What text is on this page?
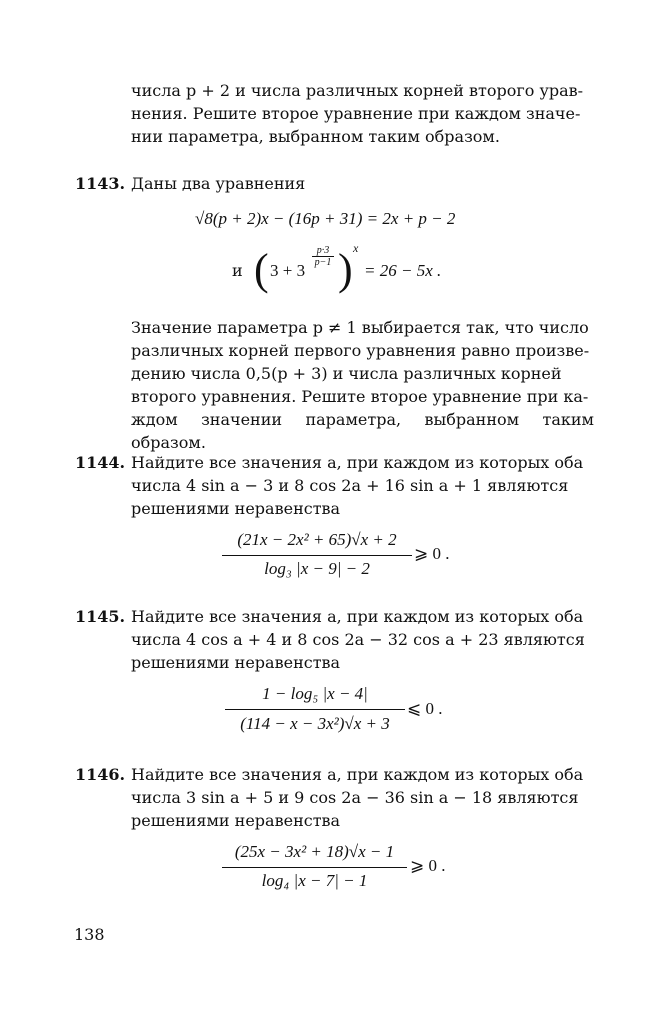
числа p + 2 и числа различных корней второго урав-
нения. Решите второе уравнение при каждом значе-
нии параметра, выбранном таким образом.
1143. Даны два уравнения
√8(p + 2)x − (16p + 31) = 2x + p − 2
и ( 3 + 3
p·3
p−1 ) x
= 26 − 5x .
Значение параметра p ≠ 1 выбирается так, что число
различных корней первого уравнения равно произве-
дению числа 0,5(p + 3) и числа различных корней
второго уравнения. Решите второе уравнение при ка-
ждом значении параметра, выбранном таким образом.
1144. Найдите все значения a, при каждом из которых оба
числа 4 sin a − 3 и 8 cos 2a + 16 sin a + 1 являются
решениями неравенства
(21x − 2x² + 65)√x + 2
log₃ |x − 9| − 2
⩾ 0 .
1145. Найдите все значения a, при каждом из которых оба
числа 4 cos a + 4 и 8 cos 2a − 32 cos a + 23 являются
решениями неравенства
1 − log₅ |x − 4|
(114 − x − 3x²)√x + 3
⩽ 0 .
1146. Найдите все значения a, при каждом из которых оба
числа 3 sin a + 5 и 9 cos 2a − 36 sin a − 18 являются
решениями неравенства
(25x − 3x² + 18)√x − 1
log₄ |x − 7| − 1
⩾ 0 .
138
